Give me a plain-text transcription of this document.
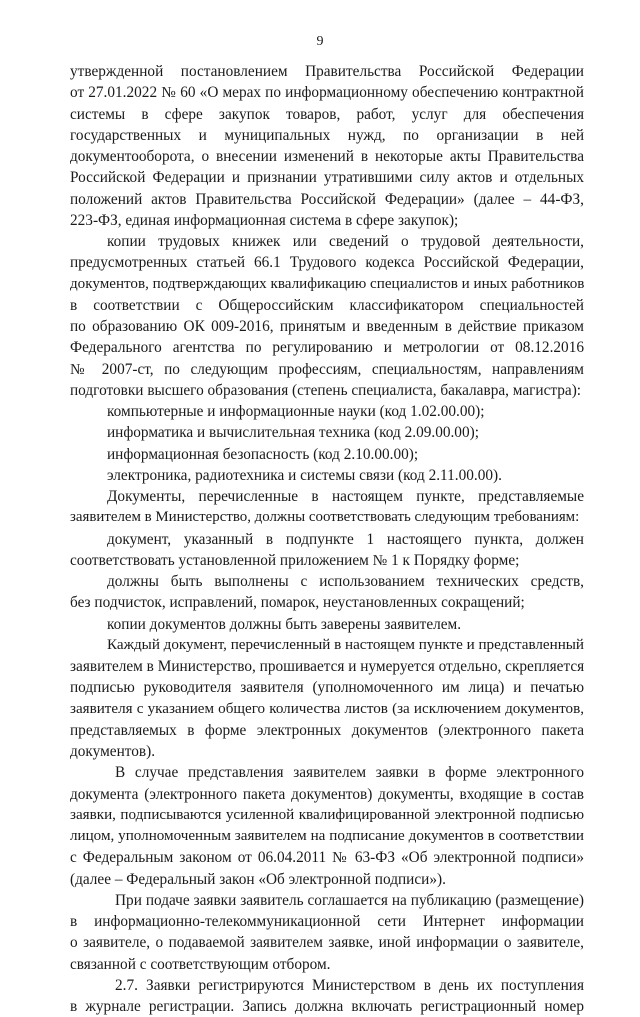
9
утвержденной постановлением Правительства Российской Федерации
от 27.01.2022 № 60 «О мерах по информационному обеспечению контрактной
системы в сфере закупок товаров, работ, услуг для обеспечения
государственных и муниципальных нужд, по организации в ней
документооборота, о внесении изменений в некоторые акты Правительства
Российской Федерации и признании утратившими силу актов и отдельных
положений актов Правительства Российской Федерации» (далее – 44-ФЗ,
223-ФЗ, единая информационная система в сфере закупок);
копии трудовых книжек или сведений о трудовой деятельности,
предусмотренных статьей 66.1 Трудового кодекса Российской Федерации,
документов, подтверждающих квалификацию специалистов и иных работников
в соответствии с Общероссийским классификатором специальностей
по образованию ОК 009-2016, принятым и введенным в действие приказом
Федерального агентства по регулированию и метрологии от 08.12.2016
№ 2007-ст, по следующим профессиям, специальностям, направлениям
подготовки высшего образования (степень специалиста, бакалавра, магистра):
компьютерные и информационные науки (код 1.02.00.00);
информатика и вычислительная техника (код 2.09.00.00);
информационная безопасность (код 2.10.00.00);
электроника, радиотехника и системы связи (код 2.11.00.00).
Документы, перечисленные в настоящем пункте, представляемые
заявителем в Министерство, должны соответствовать следующим требованиям:
документ, указанный в подпункте 1 настоящего пункта, должен
соответствовать установленной приложением № 1 к Порядку форме;
должны быть выполнены с использованием технических средств,
без подчисток, исправлений, помарок, неустановленных сокращений;
копии документов должны быть заверены заявителем.
Каждый документ, перечисленный в настоящем пункте и представленный
заявителем в Министерство, прошивается и нумеруется отдельно, скрепляется
подписью руководителя заявителя (уполномоченного им лица) и печатью
заявителя с указанием общего количества листов (за исключением документов,
представляемых в форме электронных документов (электронного пакета
документов).
В случае представления заявителем заявки в форме электронного
документа (электронного пакета документов) документы, входящие в состав
заявки, подписываются усиленной квалифицированной электронной подписью
лицом, уполномоченным заявителем на подписание документов в соответствии
с Федеральным законом от 06.04.2011 № 63-ФЗ «Об электронной подписи»
(далее – Федеральный закон «Об электронной подписи»).
При подаче заявки заявитель соглашается на публикацию (размещение)
в информационно-телекоммуникационной сети Интернет информации
о заявителе, о подаваемой заявителем заявке, иной информации о заявителе,
связанной с соответствующим отбором.
2.7. Заявки регистрируются Министерством в день их поступления
в журнале регистрации. Запись должна включать регистрационный номер
